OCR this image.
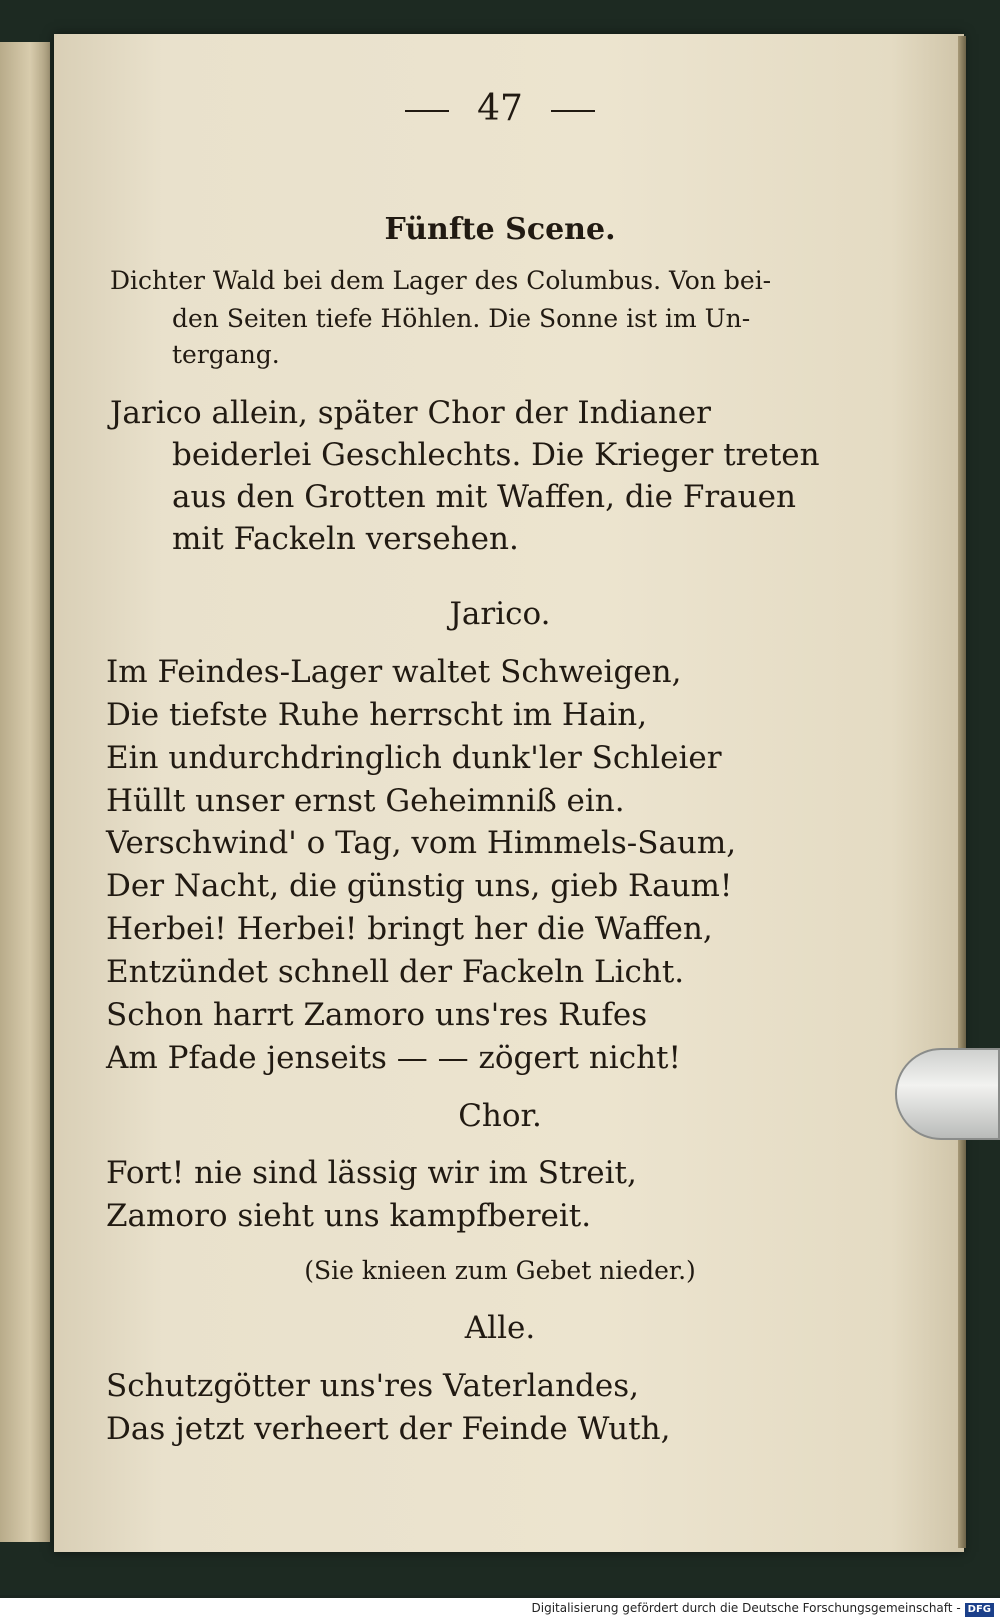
47
Fünfte Scene.
Dichter Wald bei dem Lager des Columbus. Von bei-
den Seiten tiefe Höhlen. Die Sonne ist im Un-
tergang.
Jarico allein, später Chor der Indianer
beiderlei Geschlechts. Die Krieger treten
aus den Grotten mit Waffen, die Frauen
mit Fackeln versehen.
Jarico.
Im Feindes-Lager waltet Schweigen,
Die tiefste Ruhe herrscht im Hain,
Ein undurchdringlich dunk'ler Schleier
Hüllt unser ernst Geheimniß ein.
Verschwind' o Tag, vom Himmels-Saum,
Der Nacht, die günstig uns, gieb Raum!
Herbei! Herbei! bringt her die Waffen,
Entzündet schnell der Fackeln Licht.
Schon harrt Zamoro uns'res Rufes
Am Pfade jenseits — — zögert nicht!
Chor.
Fort! nie sind lässig wir im Streit,
Zamoro sieht uns kampfbereit.
(Sie knieen zum Gebet nieder.)
Alle.
Schutzgötter uns'res Vaterlandes,
Das jetzt verheert der Feinde Wuth,
Digitalisierung gefördert durch die Deutsche Forschungsgemeinschaft - DFG
